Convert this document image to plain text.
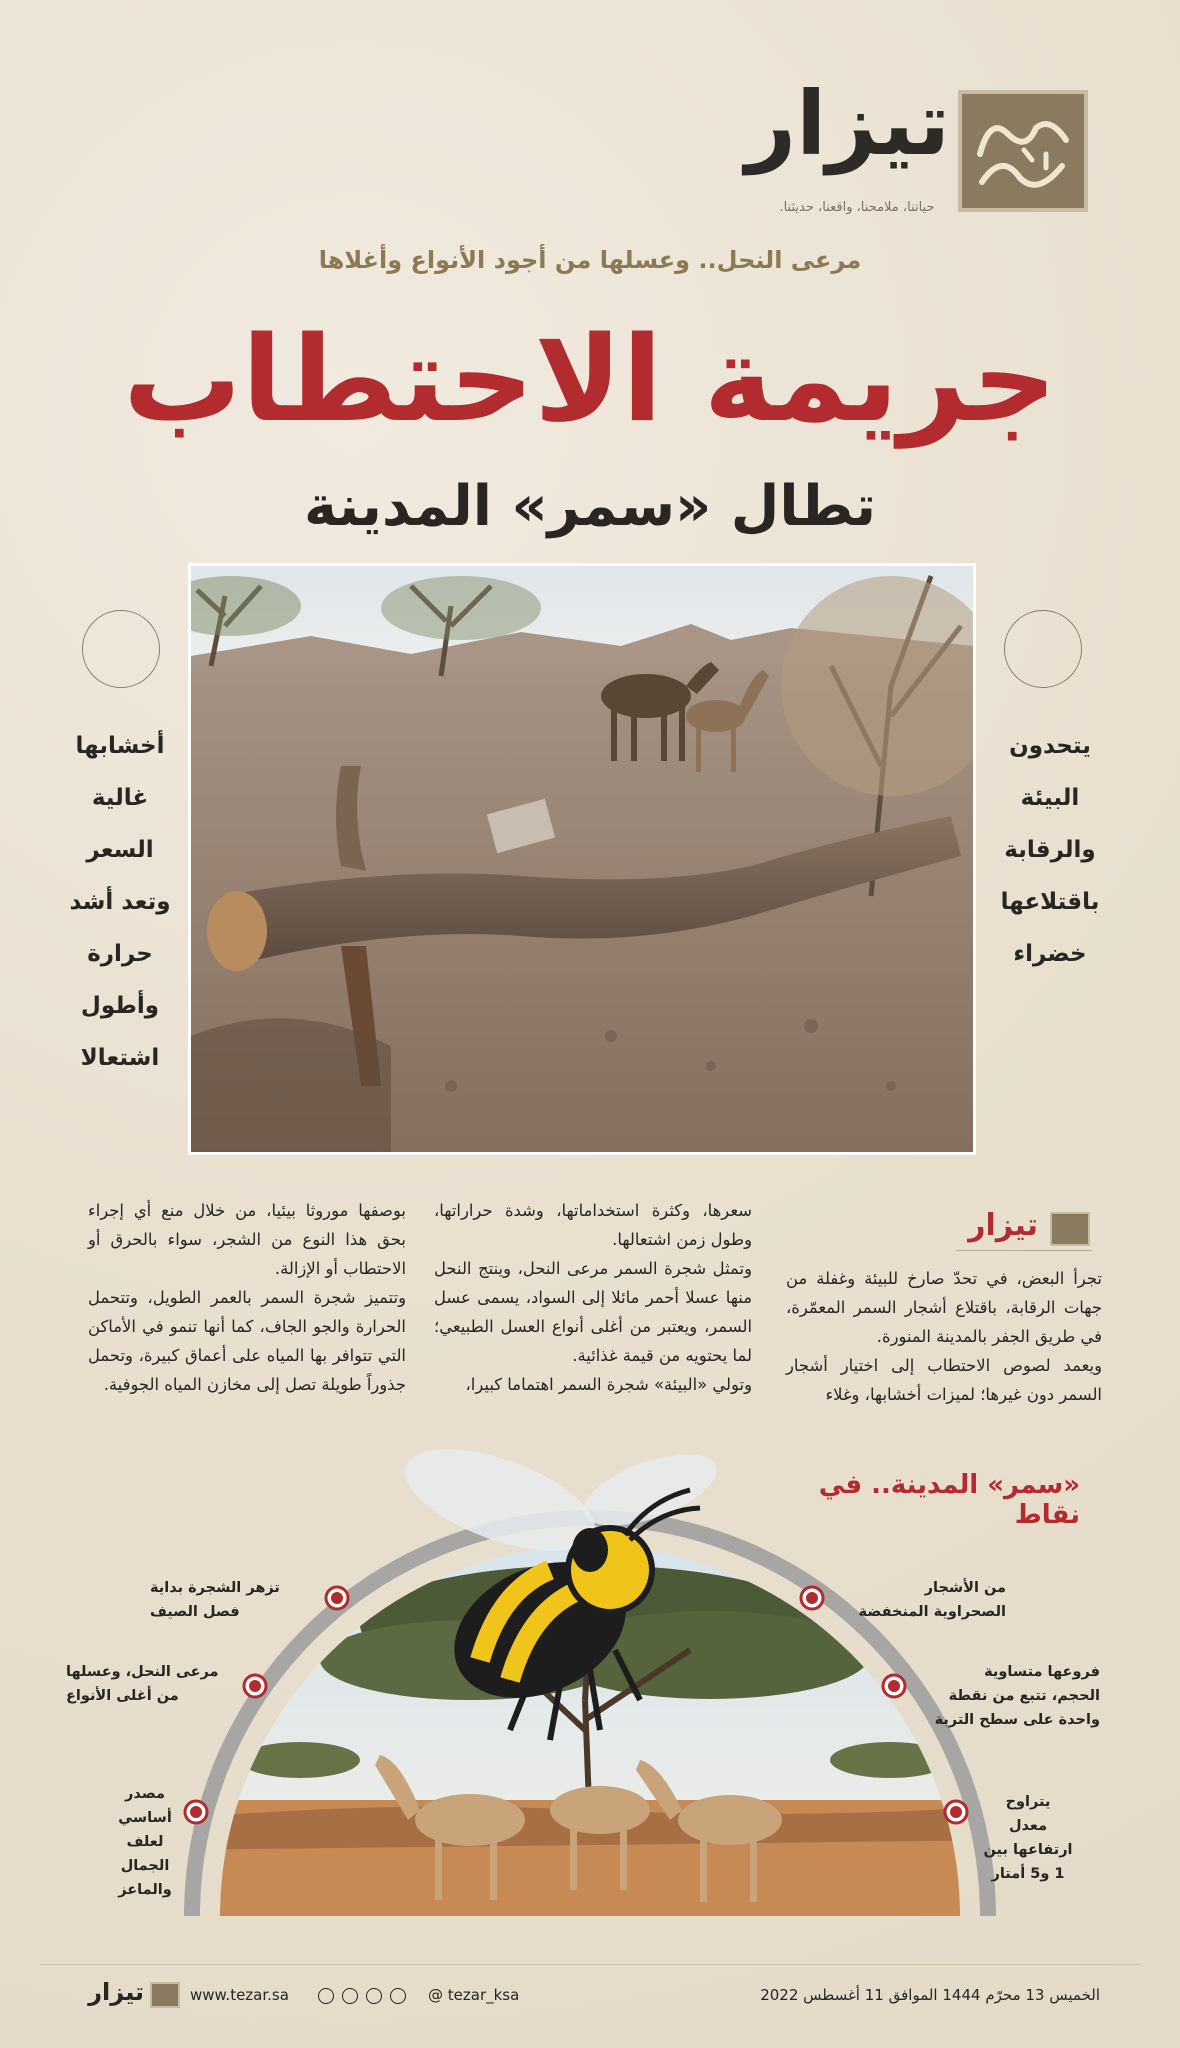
تيزار
حياتنا، ملامحنا، واقعنا، حديثنا.
مرعى النحل.. وعسلها من أجود الأنواع وأغلاها
جريمة الاحتطاب
تطال «سمر» المدينة
أخشابها
غالية
السعر
وتعد أشد
حرارة
وأطول
اشتعالا
يتحدون
البيئة
والرقابة
باقتلاعها
خضراء
تيزار

تجرأ البعض، في تحدّ صارخ للبيئة وغفلة من جهات الرقابة، باقتلاع أشجار السمر المعمّرة، في طريق الجفر بالمدينة المنورة.

ويعمد لصوص الاحتطاب إلى اختيار أشجار السمر دون غيرها؛ لميزات أخشابها، وغلاء

سعرها، وكثرة استخداماتها، وشدة حراراتها، وطول زمن اشتعالها.

وتمثل شجرة السمر مرعى النحل، وينتج النحل منها عسلا أحمر مائلا إلى السواد، يسمى عسل السمر، ويعتبر من أغلى أنواع العسل الطبيعي؛ لما يحتويه من قيمة غذائية.

وتولي «البيئة» شجرة السمر اهتماما كبيرا،

بوصفها موروثا بيئيا، من خلال منع أي إجراء بحق هذا النوع من الشجر، سواء بالحرق أو الاحتطاب أو الإزالة.

وتتميز شجرة السمر بالعمر الطويل، وتتحمل الحرارة والجو الجاف، كما أنها تنمو في الأماكن التي تتوافر بها المياه على أعماق كبيرة، وتحمل جذوراً طويلة تصل إلى مخازن المياه الجوفية.

«سمر» المدينة.. في نقاط
تزهر الشجرة بداية
فصل الصيف
مرعى النحل، وعسلها
من أغلى الأنواع
مصدر
أساسي
لعلف
الجمال
والماعز
من الأشجار
الصحراوية المنخفضة
فروعها متساوية
الحجم، تتبع من نقطة
واحدة على سطح التربة
يتراوح
معدل
ارتفاعها بين
1 و5 أمتار
الخميس 13 محرّم 1444 الموافق 11 أغسطس 2022
@ tezar_ksa
www.tezar.sa
تيزار
